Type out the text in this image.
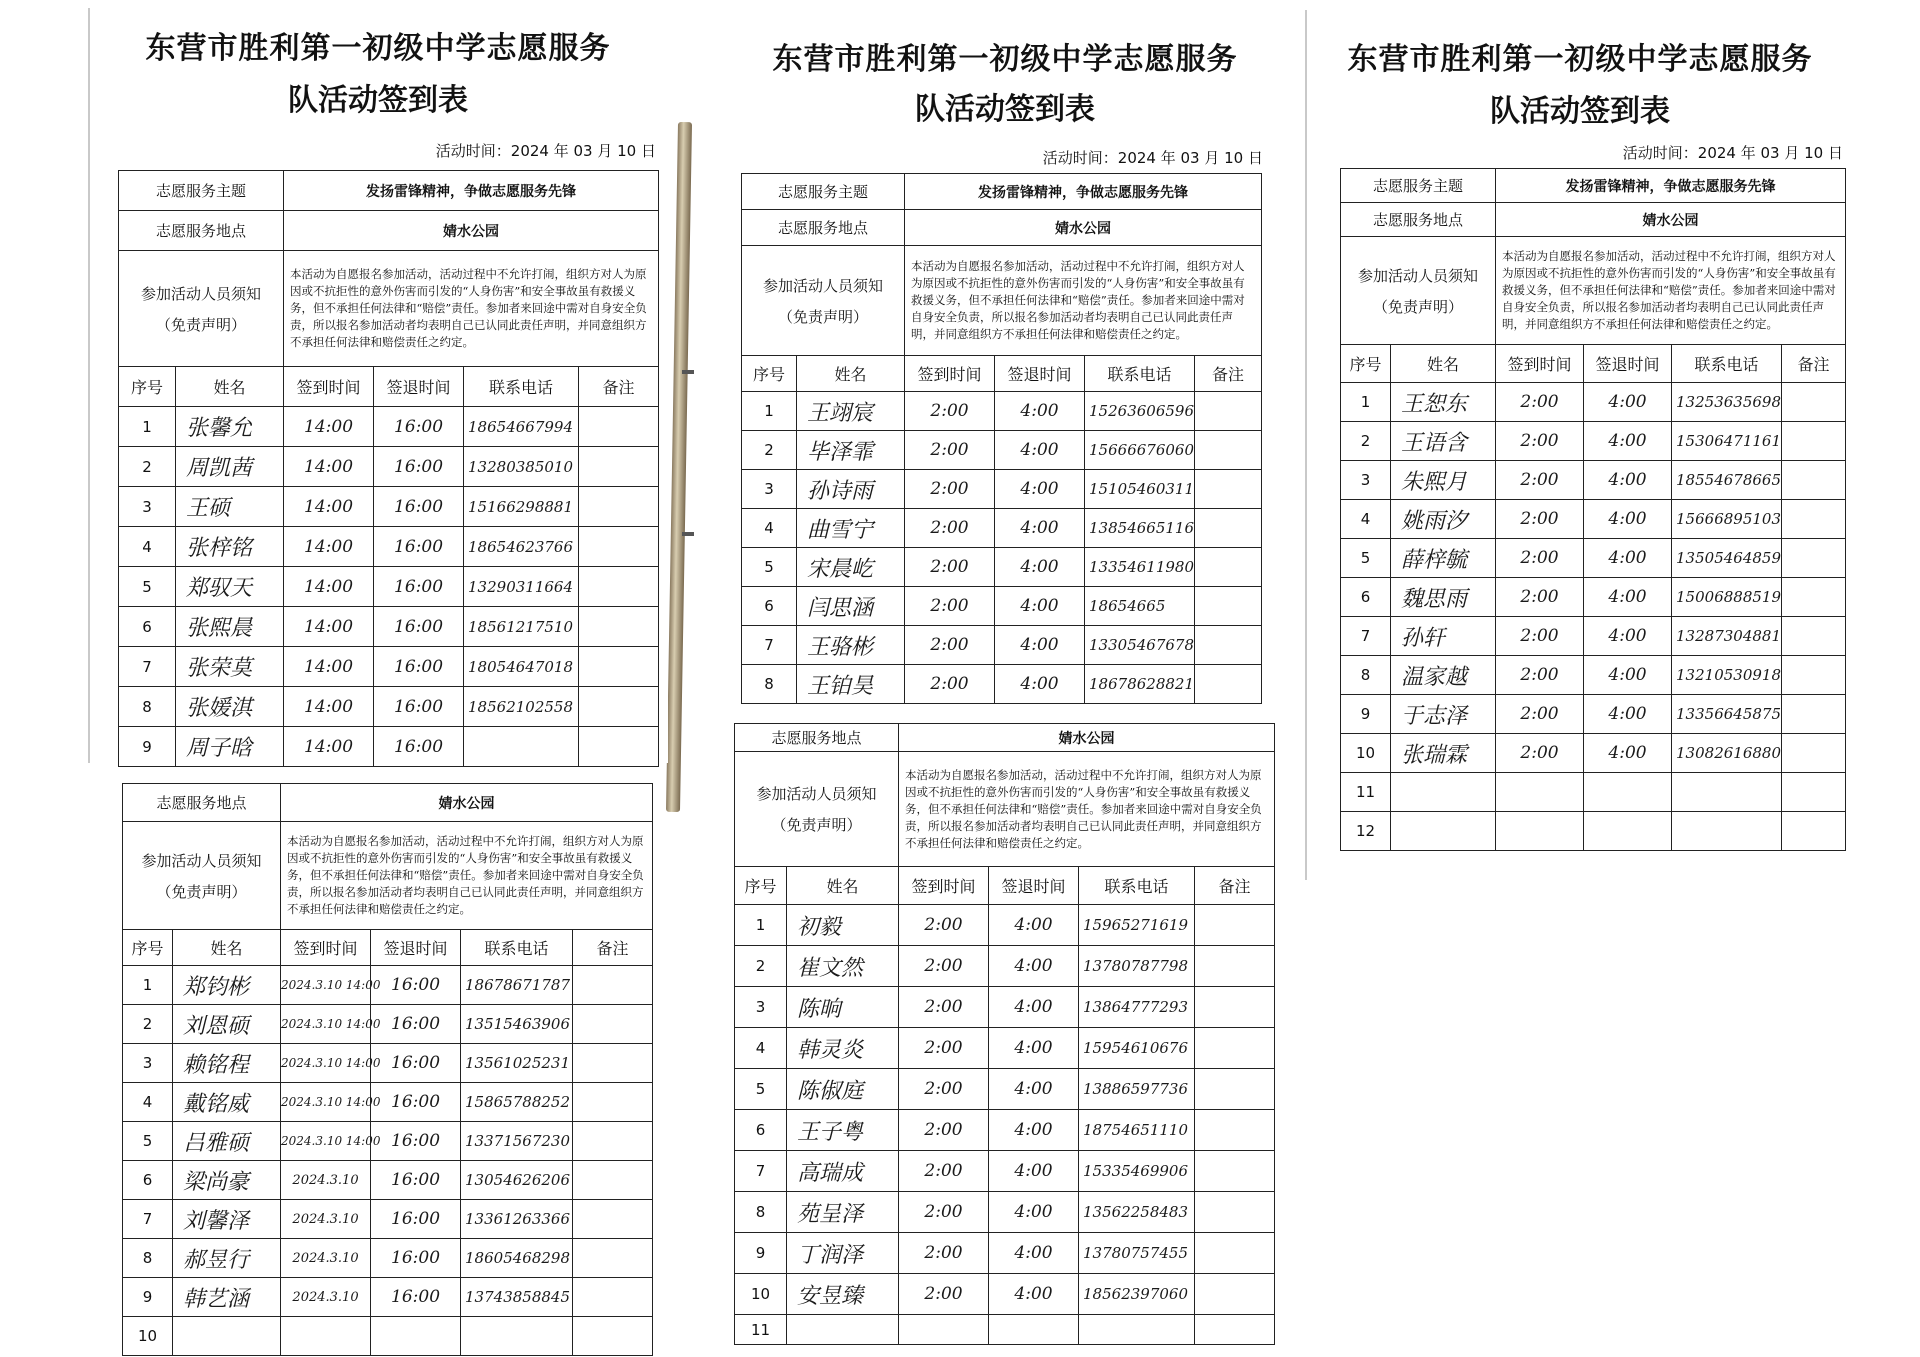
东营市胜利第一初级中学志愿服务
队活动签到表
活动时间：2024 年 03 月 10 日
志愿服务主题		发扬雷锋精神，争做志愿服务先锋			
志愿服务地点		婧水公园			

参加活动人员须知
（免责声明）		本活动为自愿报名参加活动，活动过程中不允许打闹，组织方对人为原因或不抗拒性的意外伤害而引发的“人身伤害”和安全事故虽有救援义务，但不承担任何法律和“赔偿”责任。参加者来回途中需对自身安全负责，所以报名参加活动者均表明自己已认同此责任声明，并同意组织方不承担任何法律和赔偿责任之约定。			
序号	姓名	签到时间	签退时间	联系电话	备注
1	张馨允	14:00	16:00	18654667994	
2	周凯茜	14:00	16:00	13280385010	
3	王硕	14:00	16:00	15166298881	
4	张梓铭	14:00	16:00	18654623766	
5	郑驭天	14:00	16:00	13290311664	
6	张熙晨	14:00	16:00	18561217510	
7	张荣莫	14:00	16:00	18054647018	
8	张媛淇	14:00	16:00	18562102558	
9	周子晗	14:00	16:00		
东营市胜利第一初级中学志愿服务
队活动签到表
活动时间：2024 年 03 月 10 日
志愿服务主题		发扬雷锋精神，争做志愿服务先锋			
志愿服务地点		婧水公园			

参加活动人员须知
（免责声明）		本活动为自愿报名参加活动，活动过程中不允许打闹，组织方对人为原因或不抗拒性的意外伤害而引发的“人身伤害”和安全事故虽有救援义务，但不承担任何法律和“赔偿”责任。参加者来回途中需对自身安全负责，所以报名参加活动者均表明自己已认同此责任声明，并同意组织方不承担任何法律和赔偿责任之约定。			
序号	姓名	签到时间	签退时间	联系电话	备注
1	王翊宸	2:00	4:00	15263606596	
2	毕泽霏	2:00	4:00	15666676060	
3	孙诗雨	2:00	4:00	15105460311	
4	曲雪宁	2:00	4:00	13854665116	
5	宋晨屹	2:00	4:00	13354611980	
6	闫思涵	2:00	4:00	18654665	
7	王骆彬	2:00	4:00	13305467678	
8	王铂昊	2:00	4:00	18678628821	
东营市胜利第一初级中学志愿服务
队活动签到表
活动时间：2024 年 03 月 10 日
志愿服务主题		发扬雷锋精神，争做志愿服务先锋			
志愿服务地点		婧水公园			

参加活动人员须知
（免责声明）		本活动为自愿报名参加活动，活动过程中不允许打闹，组织方对人为原因或不抗拒性的意外伤害而引发的“人身伤害”和安全事故虽有救援义务，但不承担任何法律和“赔偿”责任。参加者来回途中需对自身安全负责，所以报名参加活动者均表明自己已认同此责任声明，并同意组织方不承担任何法律和赔偿责任之约定。			
序号	姓名	签到时间	签退时间	联系电话	备注
1	王恕东	2:00	4:00	13253635698	
2	王语含	2:00	4:00	15306471161	
3	朱熙月	2:00	4:00	18554678665	
4	姚雨汐	2:00	4:00	15666895103	
5	薛梓毓	2:00	4:00	13505464859	
6	魏思雨	2:00	4:00	15006888519	
7	孙轩	2:00	4:00	13287304881	
8	温家越	2:00	4:00	13210530918	
9	于志泽	2:00	4:00	13356645875	
10	张瑞霖	2:00	4:00	13082616880	
11					
12					
志愿服务地点		婧水公园			

参加活动人员须知
（免责声明）		本活动为自愿报名参加活动，活动过程中不允许打闹，组织方对人为原因或不抗拒性的意外伤害而引发的“人身伤害”和安全事故虽有救援义务，但不承担任何法律和“赔偿”责任。参加者来回途中需对自身安全负责，所以报名参加活动者均表明自己已认同此责任声明，并同意组织方不承担任何法律和赔偿责任之约定。			
序号	姓名	签到时间	签退时间	联系电话	备注
1	郑钧彬	2024.3.10 14:00	16:00	18678671787	
2	刘恩硕	2024.3.10 14:00	16:00	13515463906	
3	赖铭程	2024.3.10 14:00	16:00	13561025231	
4	戴铭威	2024.3.10 14:00	16:00	15865788252	
5	吕雅硕	2024.3.10 14:00	16:00	13371567230	
6	梁尚豪	2024.3.10	16:00	13054626206	
7	刘馨泽	2024.3.10	16:00	13361263366	
8	郝昱行	2024.3.10	16:00	18605468298	
9	韩艺涵	2024.3.10	16:00	13743858845	
10					
志愿服务地点		婧水公园			

参加活动人员须知
（免责声明）		本活动为自愿报名参加活动，活动过程中不允许打闹，组织方对人为原因或不抗拒性的意外伤害而引发的“人身伤害”和安全事故虽有救援义务，但不承担任何法律和“赔偿”责任。参加者来回途中需对自身安全负责，所以报名参加活动者均表明自己已认同此责任声明，并同意组织方不承担任何法律和赔偿责任之约定。			
序号	姓名	签到时间	签退时间	联系电话	备注
1	初毅	2:00	4:00	15965271619	
2	崔文然	2:00	4:00	13780787798	
3	陈晌	2:00	4:00	13864777293	
4	韩灵炎	2:00	4:00	15954610676	
5	陈俶庭	2:00	4:00	13886597736	
6	王子粤	2:00	4:00	18754651110	
7	高瑞成	2:00	4:00	15335469906	
8	苑呈泽	2:00	4:00	13562258483	
9	丁润泽	2:00	4:00	13780757455	
10	安昱臻	2:00	4:00	18562397060	
11					
